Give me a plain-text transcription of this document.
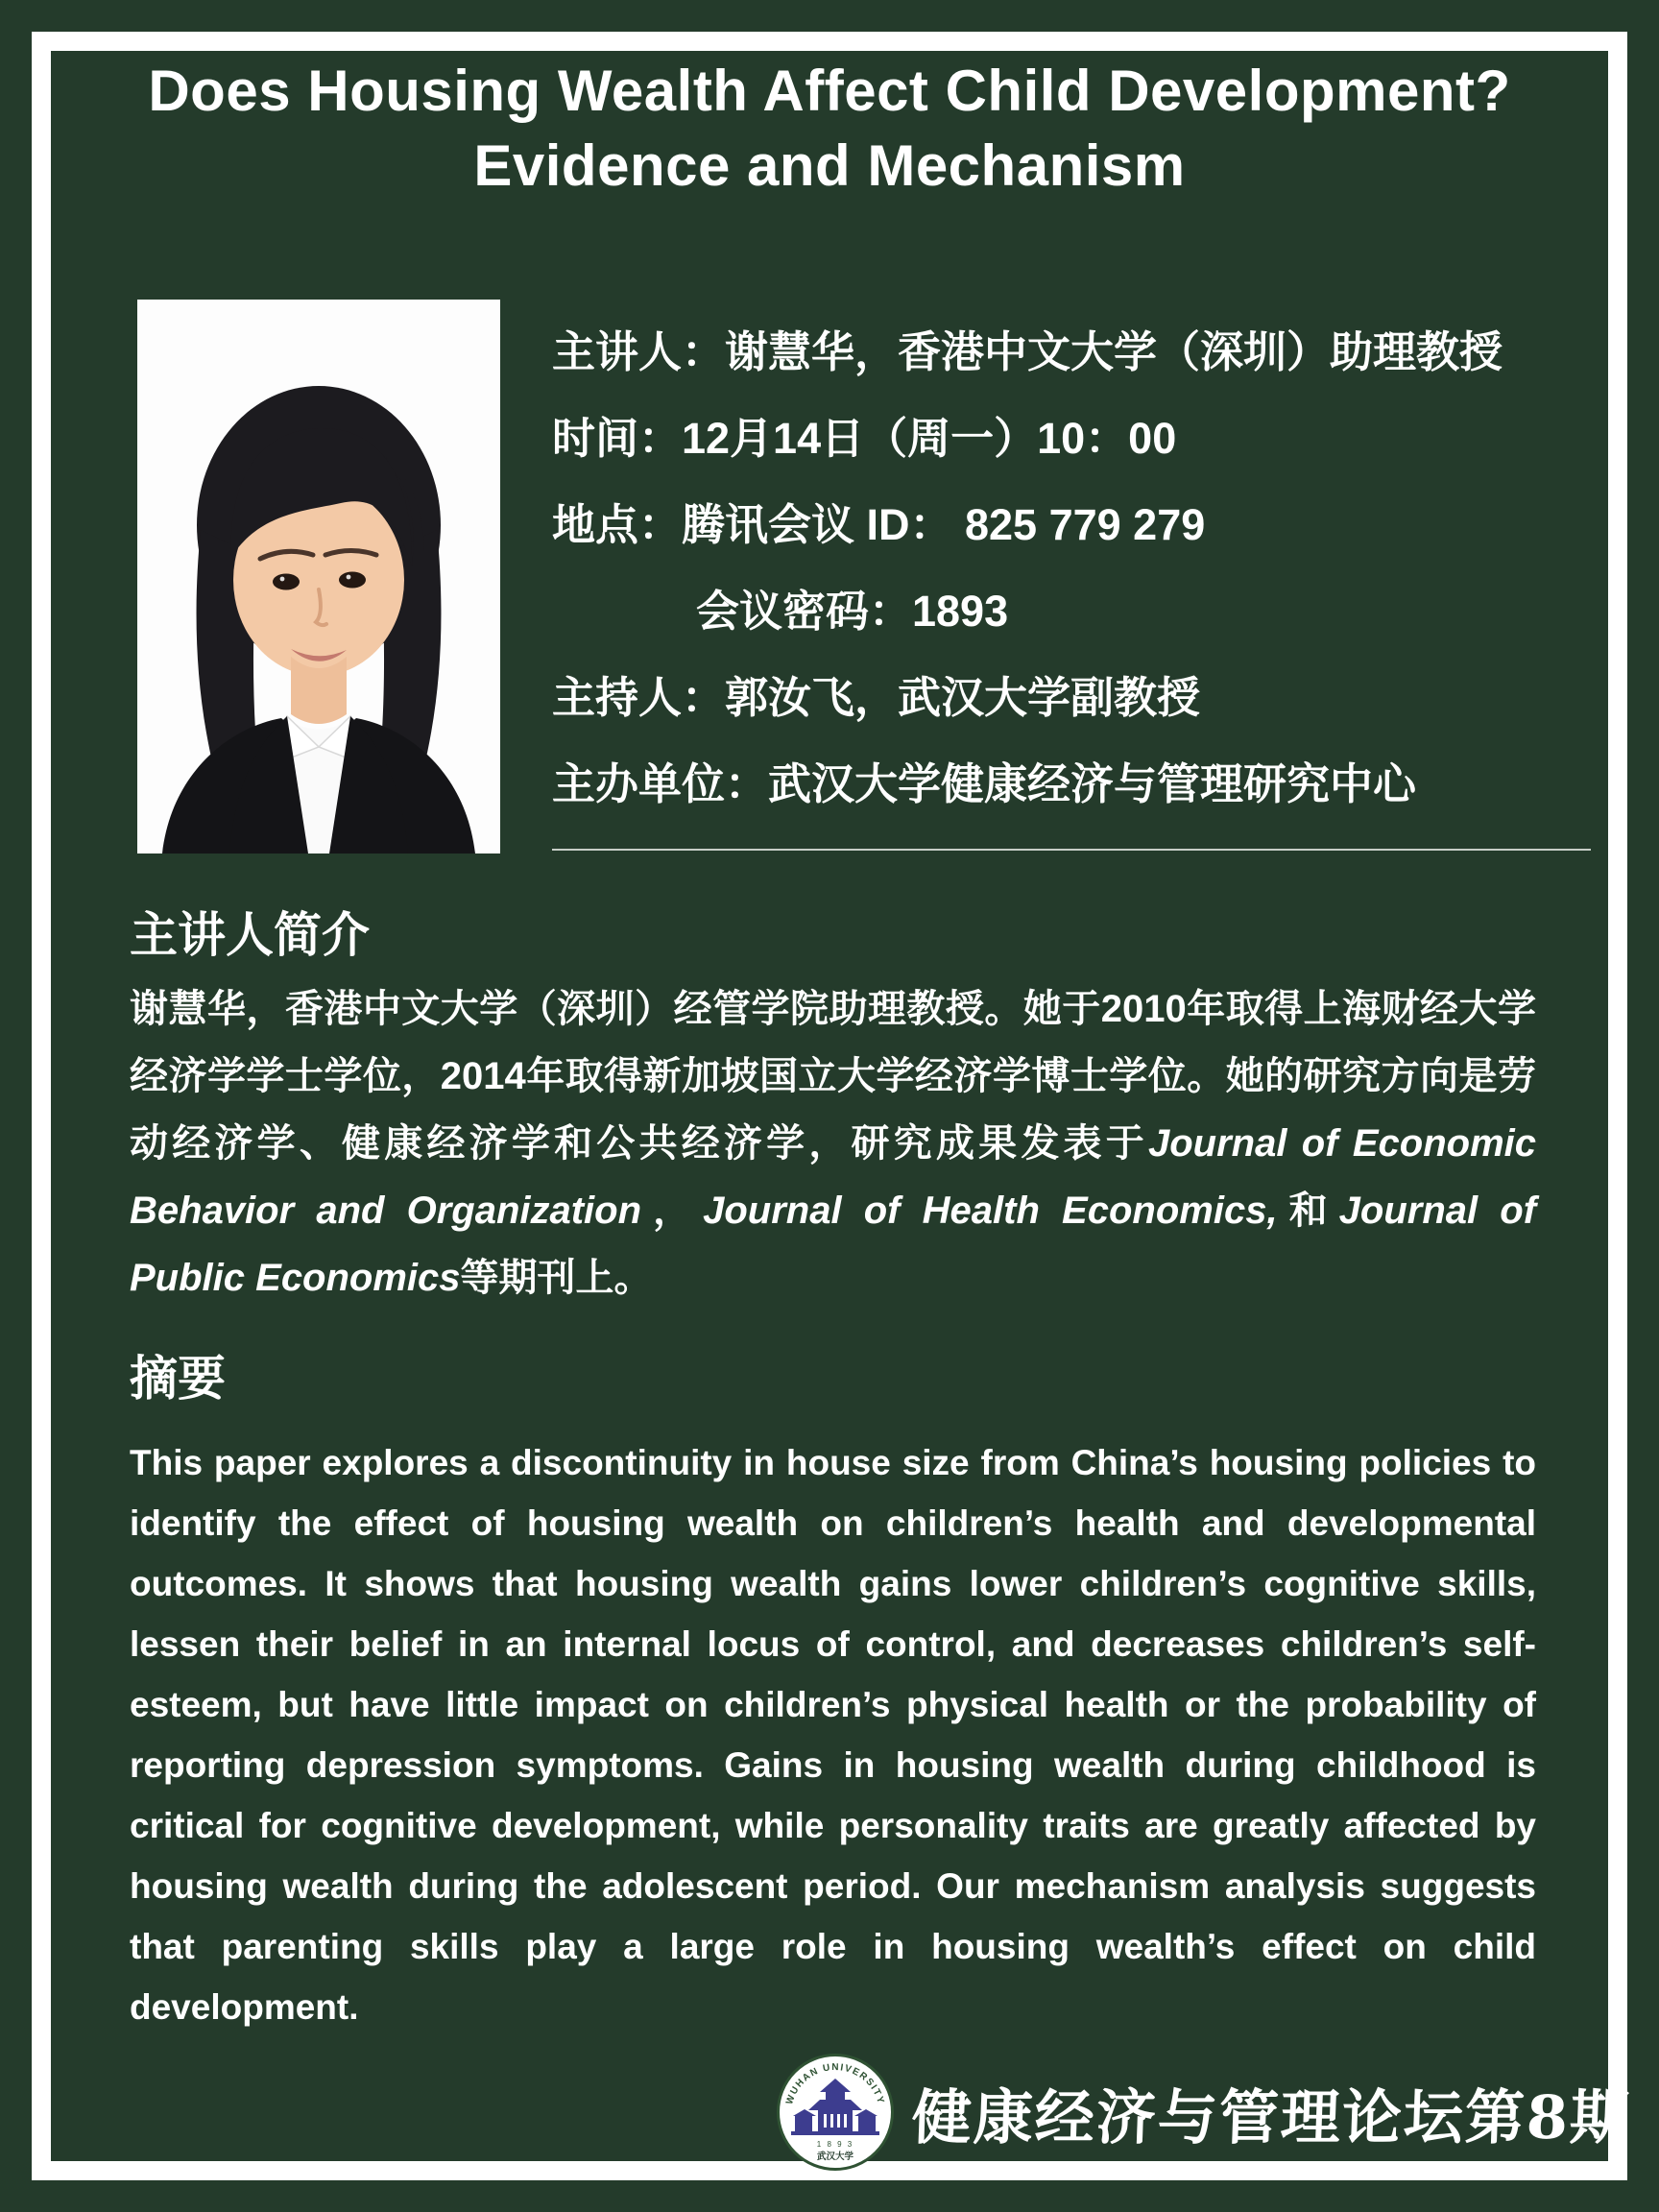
Does Housing Wealth Affect Child Development?
Evidence and Mechanism
主讲人：谢慧华，香港中文大学（深圳）助理教授
时间：12月14日（周一）10：00
地点：腾讯会议 ID： 825 779 279
会议密码：1893
主持人：郭汝飞，武汉大学副教授
主办单位：武汉大学健康经济与管理研究中心
主讲人简介

谢慧华，香港中文大学（深圳）经管学院助理教授。她于2010年取得上海财经大学经济学学士学位，2014年取得新加坡国立大学经济学博士学位。她的研究方向是劳动经济学、健康经济学和公共经济学，研究成果发表于Journal of Economic Behavior and Organization，Journal of Health Economics,和Journal of Public Economics等期刊上。

摘要

This paper explores a discontinuity in house size from China’s housing policies to identify the effect of housing wealth on children’s health and developmental outcomes. It shows that housing wealth gains lower children’s cognitive skills, lessen their belief in an internal locus of control, and decreases children’s self-esteem, but have little impact on children’s physical health or the probability of reporting depression symptoms. Gains in housing wealth during childhood is critical for cognitive development, while personality traits are greatly affected by housing wealth during the adolescent period. Our mechanism analysis suggests that parenting skills play a large role in housing wealth’s effect on child development.

WUHAN UNIVERSITY
1 8 9 3
武汉大学
健康经济与管理论坛第8期
